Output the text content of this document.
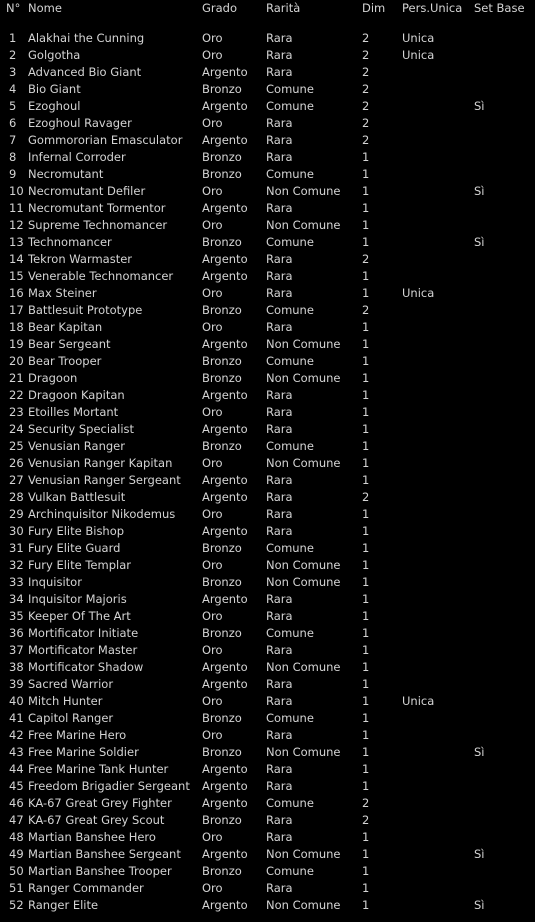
N°	Nome	Grado	Rarità	Dim	Pers.Unica	Set Base

1	Alakhai the Cunning	Oro	Rara	2	Unica	
2	Golgotha	Oro	Rara	2	Unica	
3	Advanced Bio Giant	Argento	Rara	2		
4	Bio Giant	Bronzo	Comune	2		
5	Ezoghoul	Argento	Comune	2		Sì
6	Ezoghoul Ravager	Oro	Rara	2		
7	Gommororian Emasculator	Argento	Rara	2		
8	Infernal Corroder	Bronzo	Rara	1		
9	Necromutant	Bronzo	Comune	1		
10	Necromutant Defiler	Oro	Non Comune	1		Sì
11	Necromutant Tormentor	Argento	Rara	1		
12	Supreme Technomancer	Oro	Non Comune	1		
13	Technomancer	Bronzo	Comune	1		Sì
14	Tekron Warmaster	Argento	Rara	2		
15	Venerable Technomancer	Argento	Rara	1		
16	Max Steiner	Oro	Rara	1	Unica	
17	Battlesuit Prototype	Bronzo	Comune	2		
18	Bear Kapitan	Oro	Rara	1		
19	Bear Sergeant	Argento	Non Comune	1		
20	Bear Trooper	Bronzo	Comune	1		
21	Dragoon	Bronzo	Non Comune	1		
22	Dragoon Kapitan	Argento	Rara	1		
23	Etoilles Mortant	Oro	Rara	1		
24	Security Specialist	Argento	Rara	1		
25	Venusian Ranger	Bronzo	Comune	1		
26	Venusian Ranger Kapitan	Oro	Non Comune	1		
27	Venusian Ranger Sergeant	Argento	Rara	1		
28	Vulkan Battlesuit	Argento	Rara	2		
29	Archinquisitor Nikodemus	Oro	Rara	1		
30	Fury Elite Bishop	Argento	Rara	1		
31	Fury Elite Guard	Bronzo	Comune	1		
32	Fury Elite Templar	Oro	Non Comune	1		
33	Inquisitor	Bronzo	Non Comune	1		
34	Inquisitor Majoris	Argento	Rara	1		
35	Keeper Of The Art	Oro	Rara	1		
36	Mortificator Initiate	Bronzo	Comune	1		
37	Mortificator Master	Oro	Rara	1		
38	Mortificator Shadow	Argento	Non Comune	1		
39	Sacred Warrior	Argento	Rara	1		
40	Mitch Hunter	Oro	Rara	1	Unica	
41	Capitol Ranger	Bronzo	Comune	1		
42	Free Marine Hero	Oro	Rara	1		
43	Free Marine Soldier	Bronzo	Non Comune	1		Sì
44	Free Marine Tank Hunter	Argento	Rara	1		
45	Freedom Brigadier Sergeant	Argento	Rara	1		
46	KA-67 Great Grey Fighter	Argento	Comune	2		
47	KA-67 Great Grey Scout	Bronzo	Rara	2		
48	Martian Banshee Hero	Oro	Rara	1		
49	Martian Banshee Sergeant	Argento	Non Comune	1		Sì
50	Martian Banshee Trooper	Bronzo	Comune	1		
51	Ranger Commander	Oro	Rara	1		
52	Ranger Elite	Argento	Non Comune	1		Sì
